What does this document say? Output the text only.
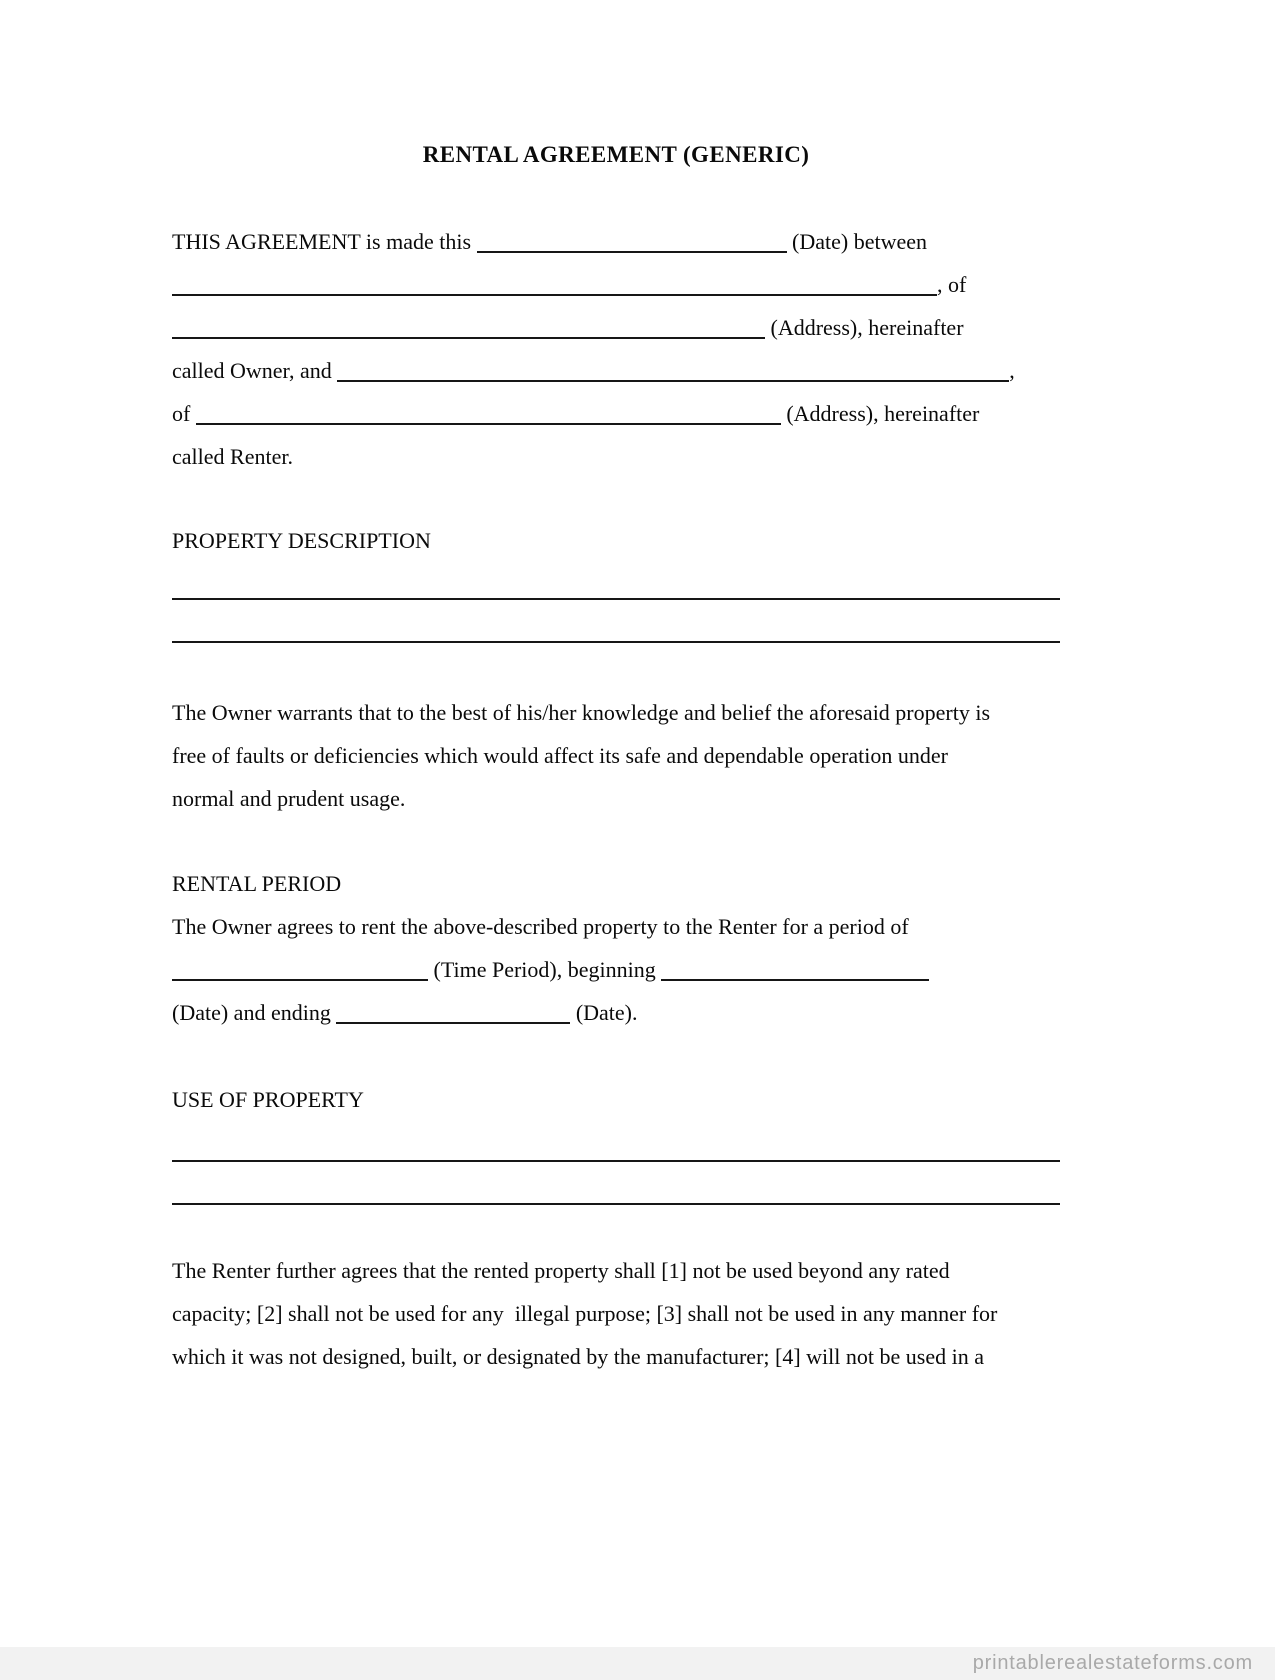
RENTAL AGREEMENT (GENERIC)
THIS AGREEMENT is made this	(Date) between
, of
(Address), hereinafter
called Owner, and	,
of	(Address), hereinafter
called Renter.
PROPERTY DESCRIPTION
The Owner warrants that to the best of his/her knowledge and belief the aforesaid property is
free of faults or deficiencies which would affect its safe and dependable operation under
normal and prudent usage.
RENTAL PERIOD
The Owner agrees to rent the above-described property to the Renter for a period of
(Time Period), beginning
(Date) and ending	(Date).
USE OF PROPERTY
The Renter further agrees that the rented property shall [1] not be used beyond any rated
capacity; [2] shall not be used for any  illegal purpose; [3] shall not be used in any manner for
which it was not designed, built, or designated by the manufacturer; [4] will not be used in a
printablerealestateforms.com
